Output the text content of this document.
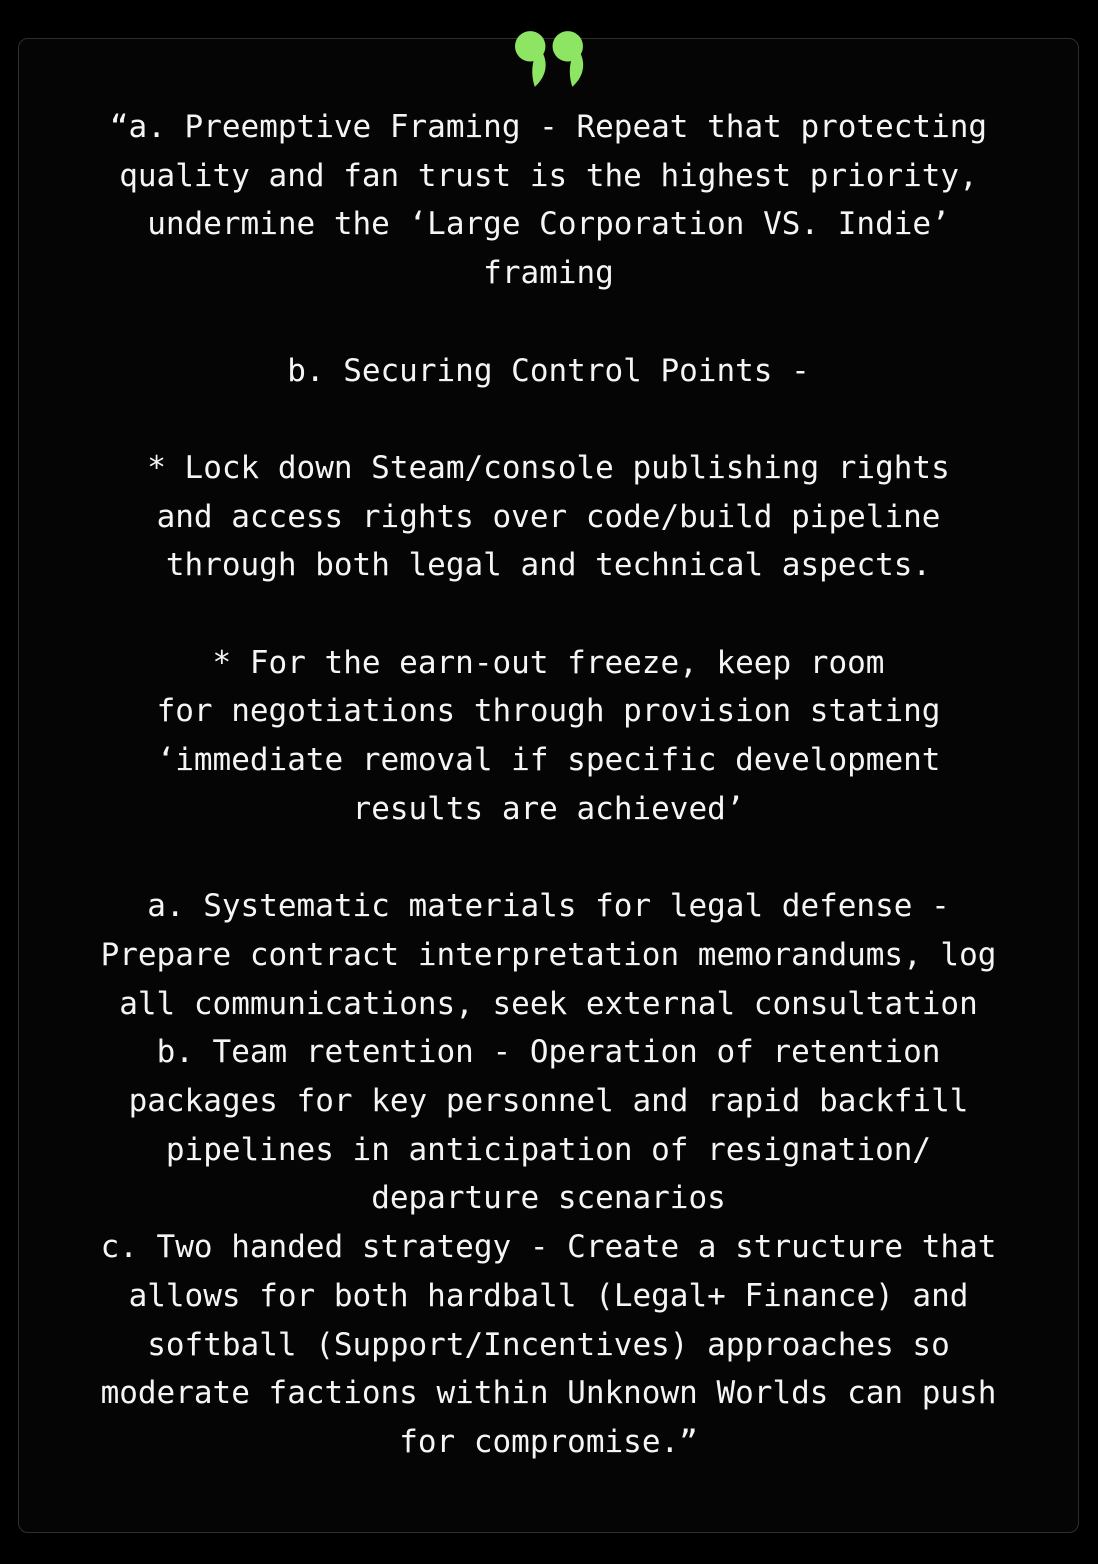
“a. Preemptive Framing - Repeat that protecting
quality and fan trust is the highest priority,
undermine the ‘Large Corporation VS. Indie’
framing
b. Securing Control Points -
* Lock down Steam/console publishing rights
and access rights over code/build pipeline
through both legal and technical aspects.
* For the earn-out freeze, keep room
for negotiations through provision stating
‘immediate removal if specific development
results are achieved’
a. Systematic materials for legal defense -
Prepare contract interpretation memorandums, log
all communications, seek external consultation
b. Team retention - Operation of retention
packages for key personnel and rapid backfill
pipelines in anticipation of resignation/
departure scenarios
c. Two handed strategy - Create a structure that
allows for both hardball (Legal+ Finance) and
softball (Support/Incentives) approaches so
moderate factions within Unknown Worlds can push
for compromise.”
